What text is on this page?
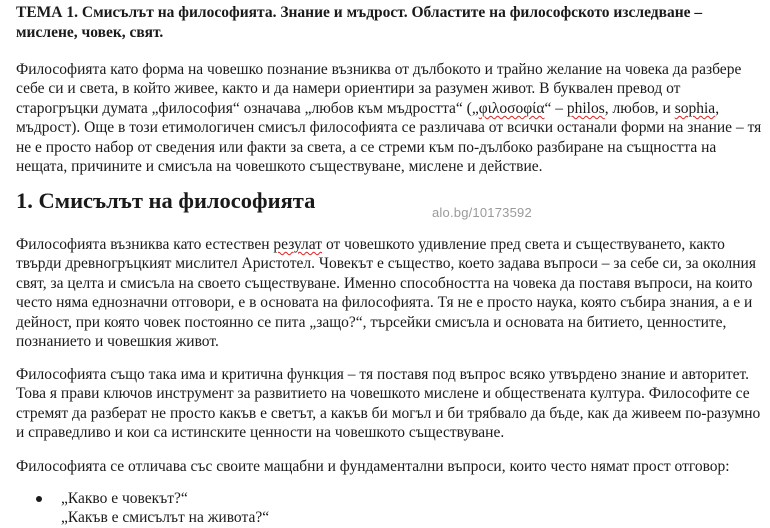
ТЕМА 1. Смисълът на философията. Знание и мъдрост. Областите на философското изследване – мислене, човек, свят.

Философията като форма на човешко познание възниква от дълбокото и трайно желание на човека да разбере себе си и света, в който живее, както и да намери ориентири за разумен живот. В буквален превод от старогръцки думата „философия“ означава „любов към мъдростта“ („φιλοσοφία“ – philos, любов, и sophia, мъдрост). Още в този етимологичен смисъл философията се различава от всички останали форми на знание – тя не е просто набор от сведения или факти за света, а се стреми към по-дълбоко разбиране на същността на нещата, причините и смисъла на човешкото съществуване, мислене и действие.

1. Смисълът на философията	alo.bg/10173592

Философията възниква като естествен резулат от човешкото удивление пред света и съществуването, както твърди древногръцкият мислител Аристотел. Човекът е същество, което задава въпроси – за себе си, за околния свят, за целта и смисъла на своето съществуване. Именно способността на човека да поставя въпроси, на които често няма еднозначни отговори, е в основата на философията. Тя не е просто наука, която събира знания, а е и дейност, при която човек постоянно се пита „защо?“, търсейки смисъла и основата на битието, ценностите, познанието и човешкия живот.

Философията също така има и критична функция – тя поставя под въпрос всяко утвърдено знание и авторитет. Това я прави ключов инструмент за развитието на човешкото мислене и обществената култура. Философите се стремят да разберат не просто какъв е светът, а какъв би могъл и би трябвало да бъде, как да живеем по-разумно и справедливо и кои са истинските ценности на човешкото съществуване.

Философията се отличава със своите мащабни и фундаментални въпроси, които често нямат прост отговор:

„Какво е човекът?“
„Какъв е смисълът на живота?“
